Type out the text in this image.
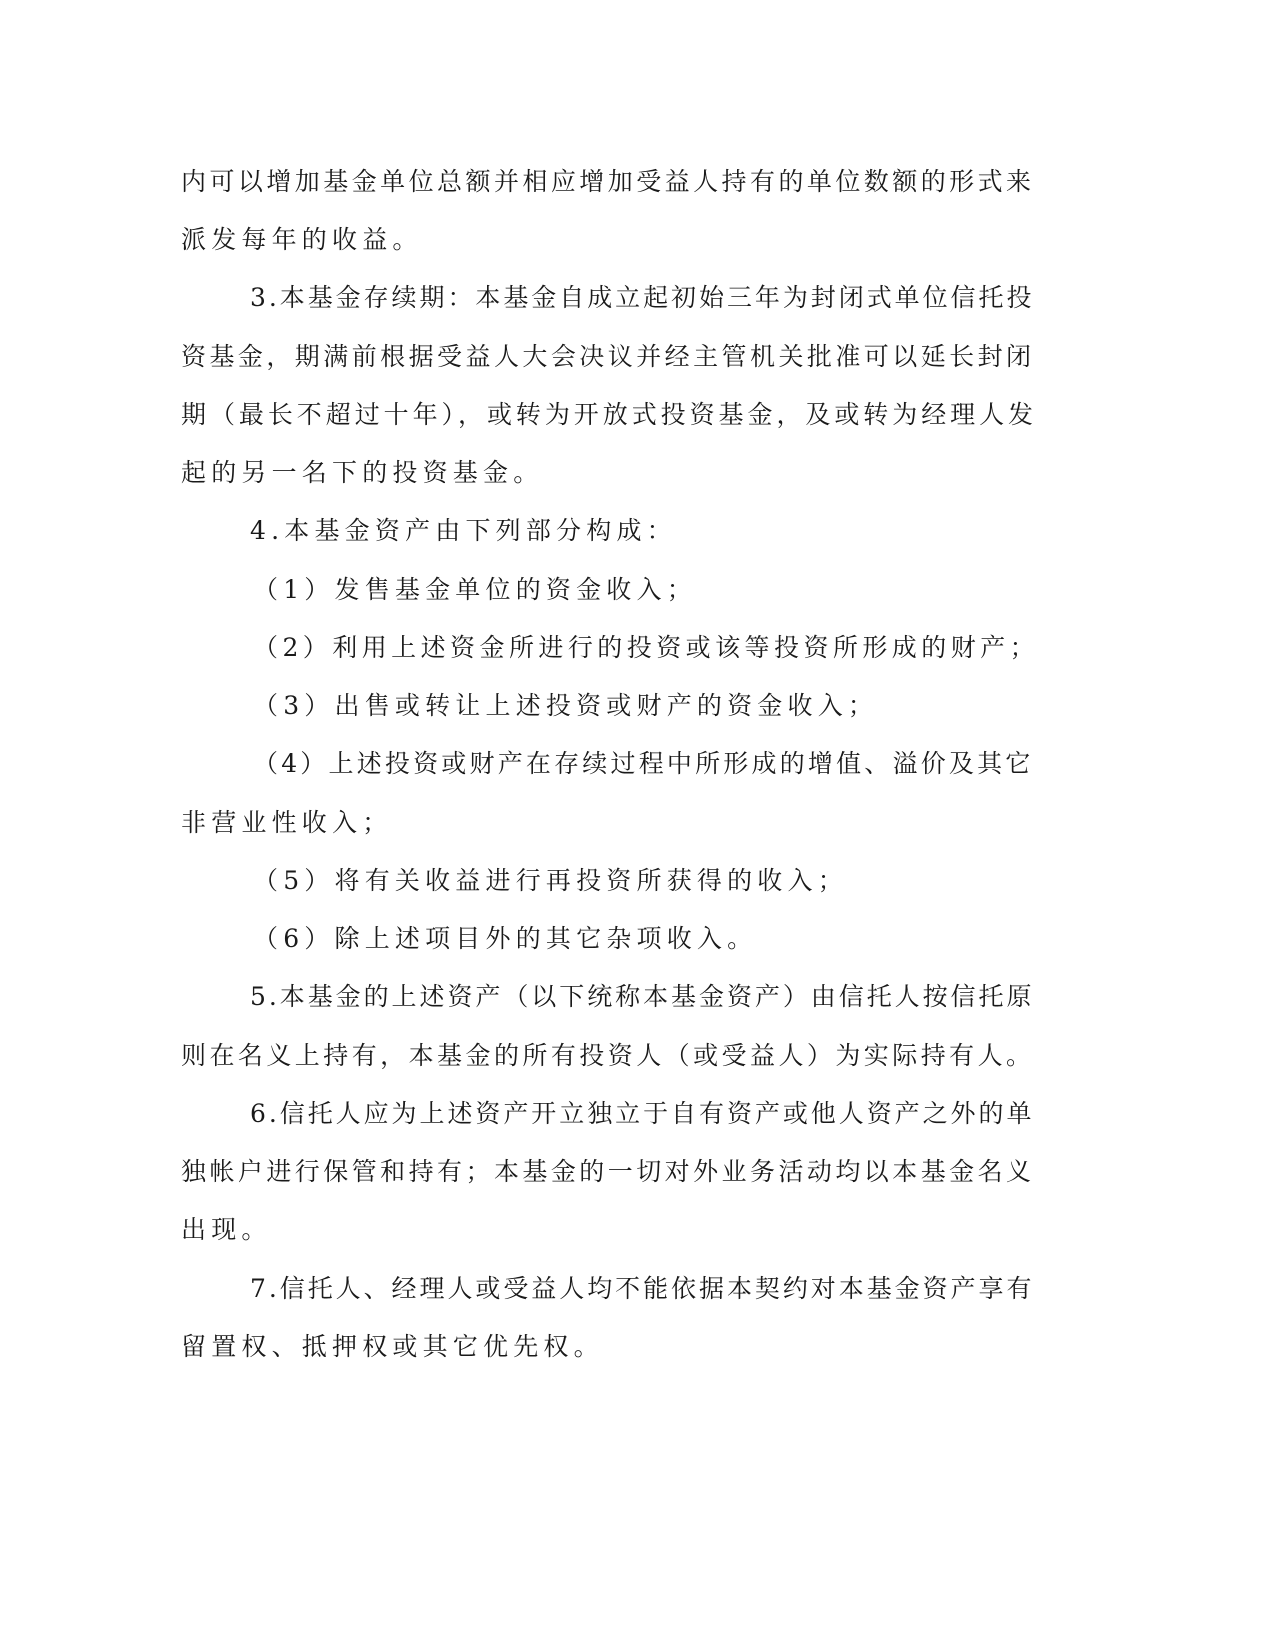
内可以增加基金单位总额并相应增加受益人持有的单位数额的形式来
派发每年的收益。
3.本基金存续期：本基金自成立起初始三年为封闭式单位信托投
资基金，期满前根据受益人大会决议并经主管机关批准可以延长封闭
期（最长不超过十年），或转为开放式投资基金，及或转为经理人发
起的另一名下的投资基金。
4.本基金资产由下列部分构成：
（1）发售基金单位的资金收入；
（2）利用上述资金所进行的投资或该等投资所形成的财产；
（3）出售或转让上述投资或财产的资金收入；
（4）上述投资或财产在存续过程中所形成的增值、溢价及其它
非营业性收入；
（5）将有关收益进行再投资所获得的收入；
（6）除上述项目外的其它杂项收入。
5.本基金的上述资产（以下统称本基金资产）由信托人按信托原
则在名义上持有，本基金的所有投资人（或受益人）为实际持有人。
6.信托人应为上述资产开立独立于自有资产或他人资产之外的单
独帐户进行保管和持有；本基金的一切对外业务活动均以本基金名义
出现。
7.信托人、经理人或受益人均不能依据本契约对本基金资产享有
留置权、抵押权或其它优先权。
